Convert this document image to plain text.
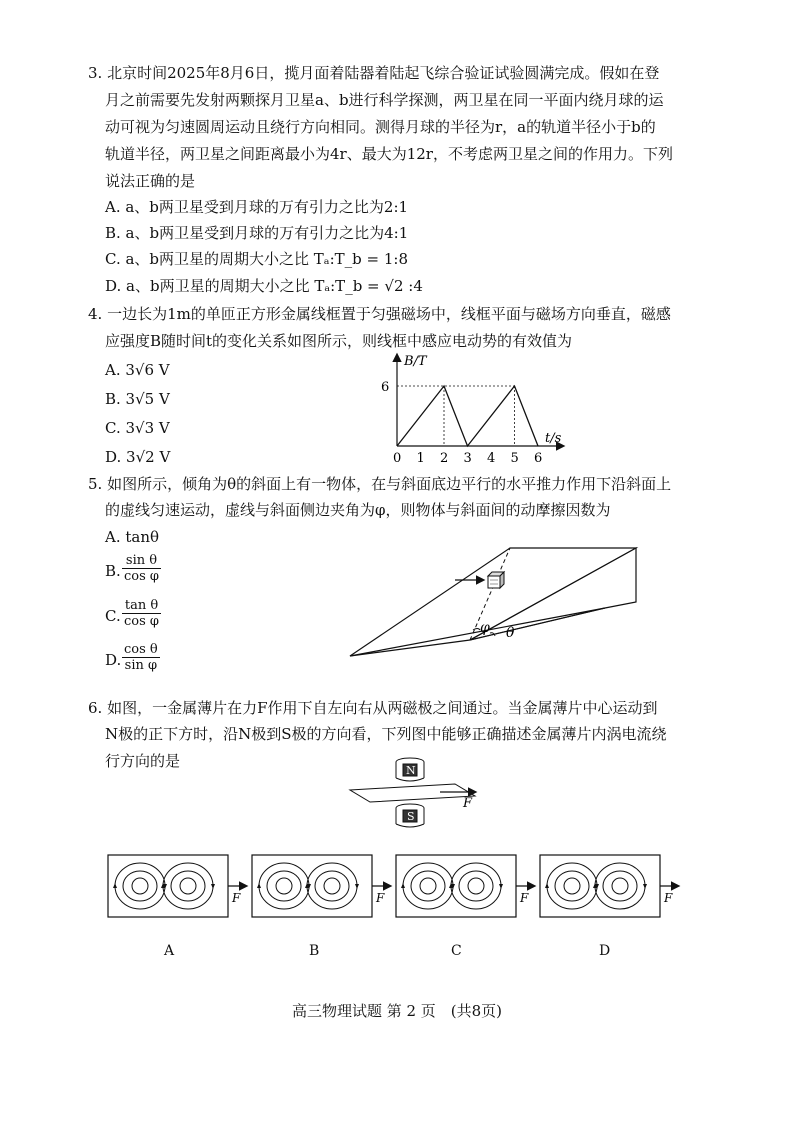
3. 北京时间2025年8月6日，揽月面着陆器着陆起飞综合验证试验圆满完成。假如在登
月之前需要先发射两颗探月卫星a、b进行科学探测，两卫星在同一平面内绕月球的运
动可视为匀速圆周运动且绕行方向相同。测得月球的半径为r，a的轨道半径小于b的
轨道半径，两卫星之间距离最小为4r、最大为12r，不考虑两卫星之间的作用力。下列
说法正确的是
A. a、b两卫星受到月球的万有引力之比为2:1
B. a、b两卫星受到月球的万有引力之比为4:1
C. a、b两卫星的周期大小之比 Tₐ:T_b = 1:8
D. a、b两卫星的周期大小之比 Tₐ:T_b = √2 :4
4. 一边长为1m的单匝正方形金属线框置于匀强磁场中，线框平面与磁场方向垂直，磁感
应强度B随时间t的变化关系如图所示，则线框中感应电动势的有效值为
A. 3√6 V
B. 3√5 V
C. 3√3 V
D. 3√2 V	0 1 2 3 4 5 6
B/T
t/s
6
5. 如图所示，倾角为θ的斜面上有一物体，在与斜面底边平行的水平推力作用下沿斜面上
的虚线匀速运动，虚线与斜面侧边夹角为φ，则物体与斜面间的动摩擦因数为
A. tanθ
B. $\frac{\text{sin θ}}{\text{cos φ}}$
C. $\frac{\text{tan θ}}{\text{cos φ}}$
D. $\frac{\text{cos θ}}{\text{sin φ}}$
φ θ
6. 如图，一金属薄片在力F作用下自左向右从两磁极之间通过。当金属薄片中心运动到
N极的正下方时，沿N极到S极的方向看，下列图中能够正确描述金属薄片内涡电流绕
行方向的是
N
F
S
F	F	F	F
A	B	C	D
高三物理试题 第 2 页　(共8页)
